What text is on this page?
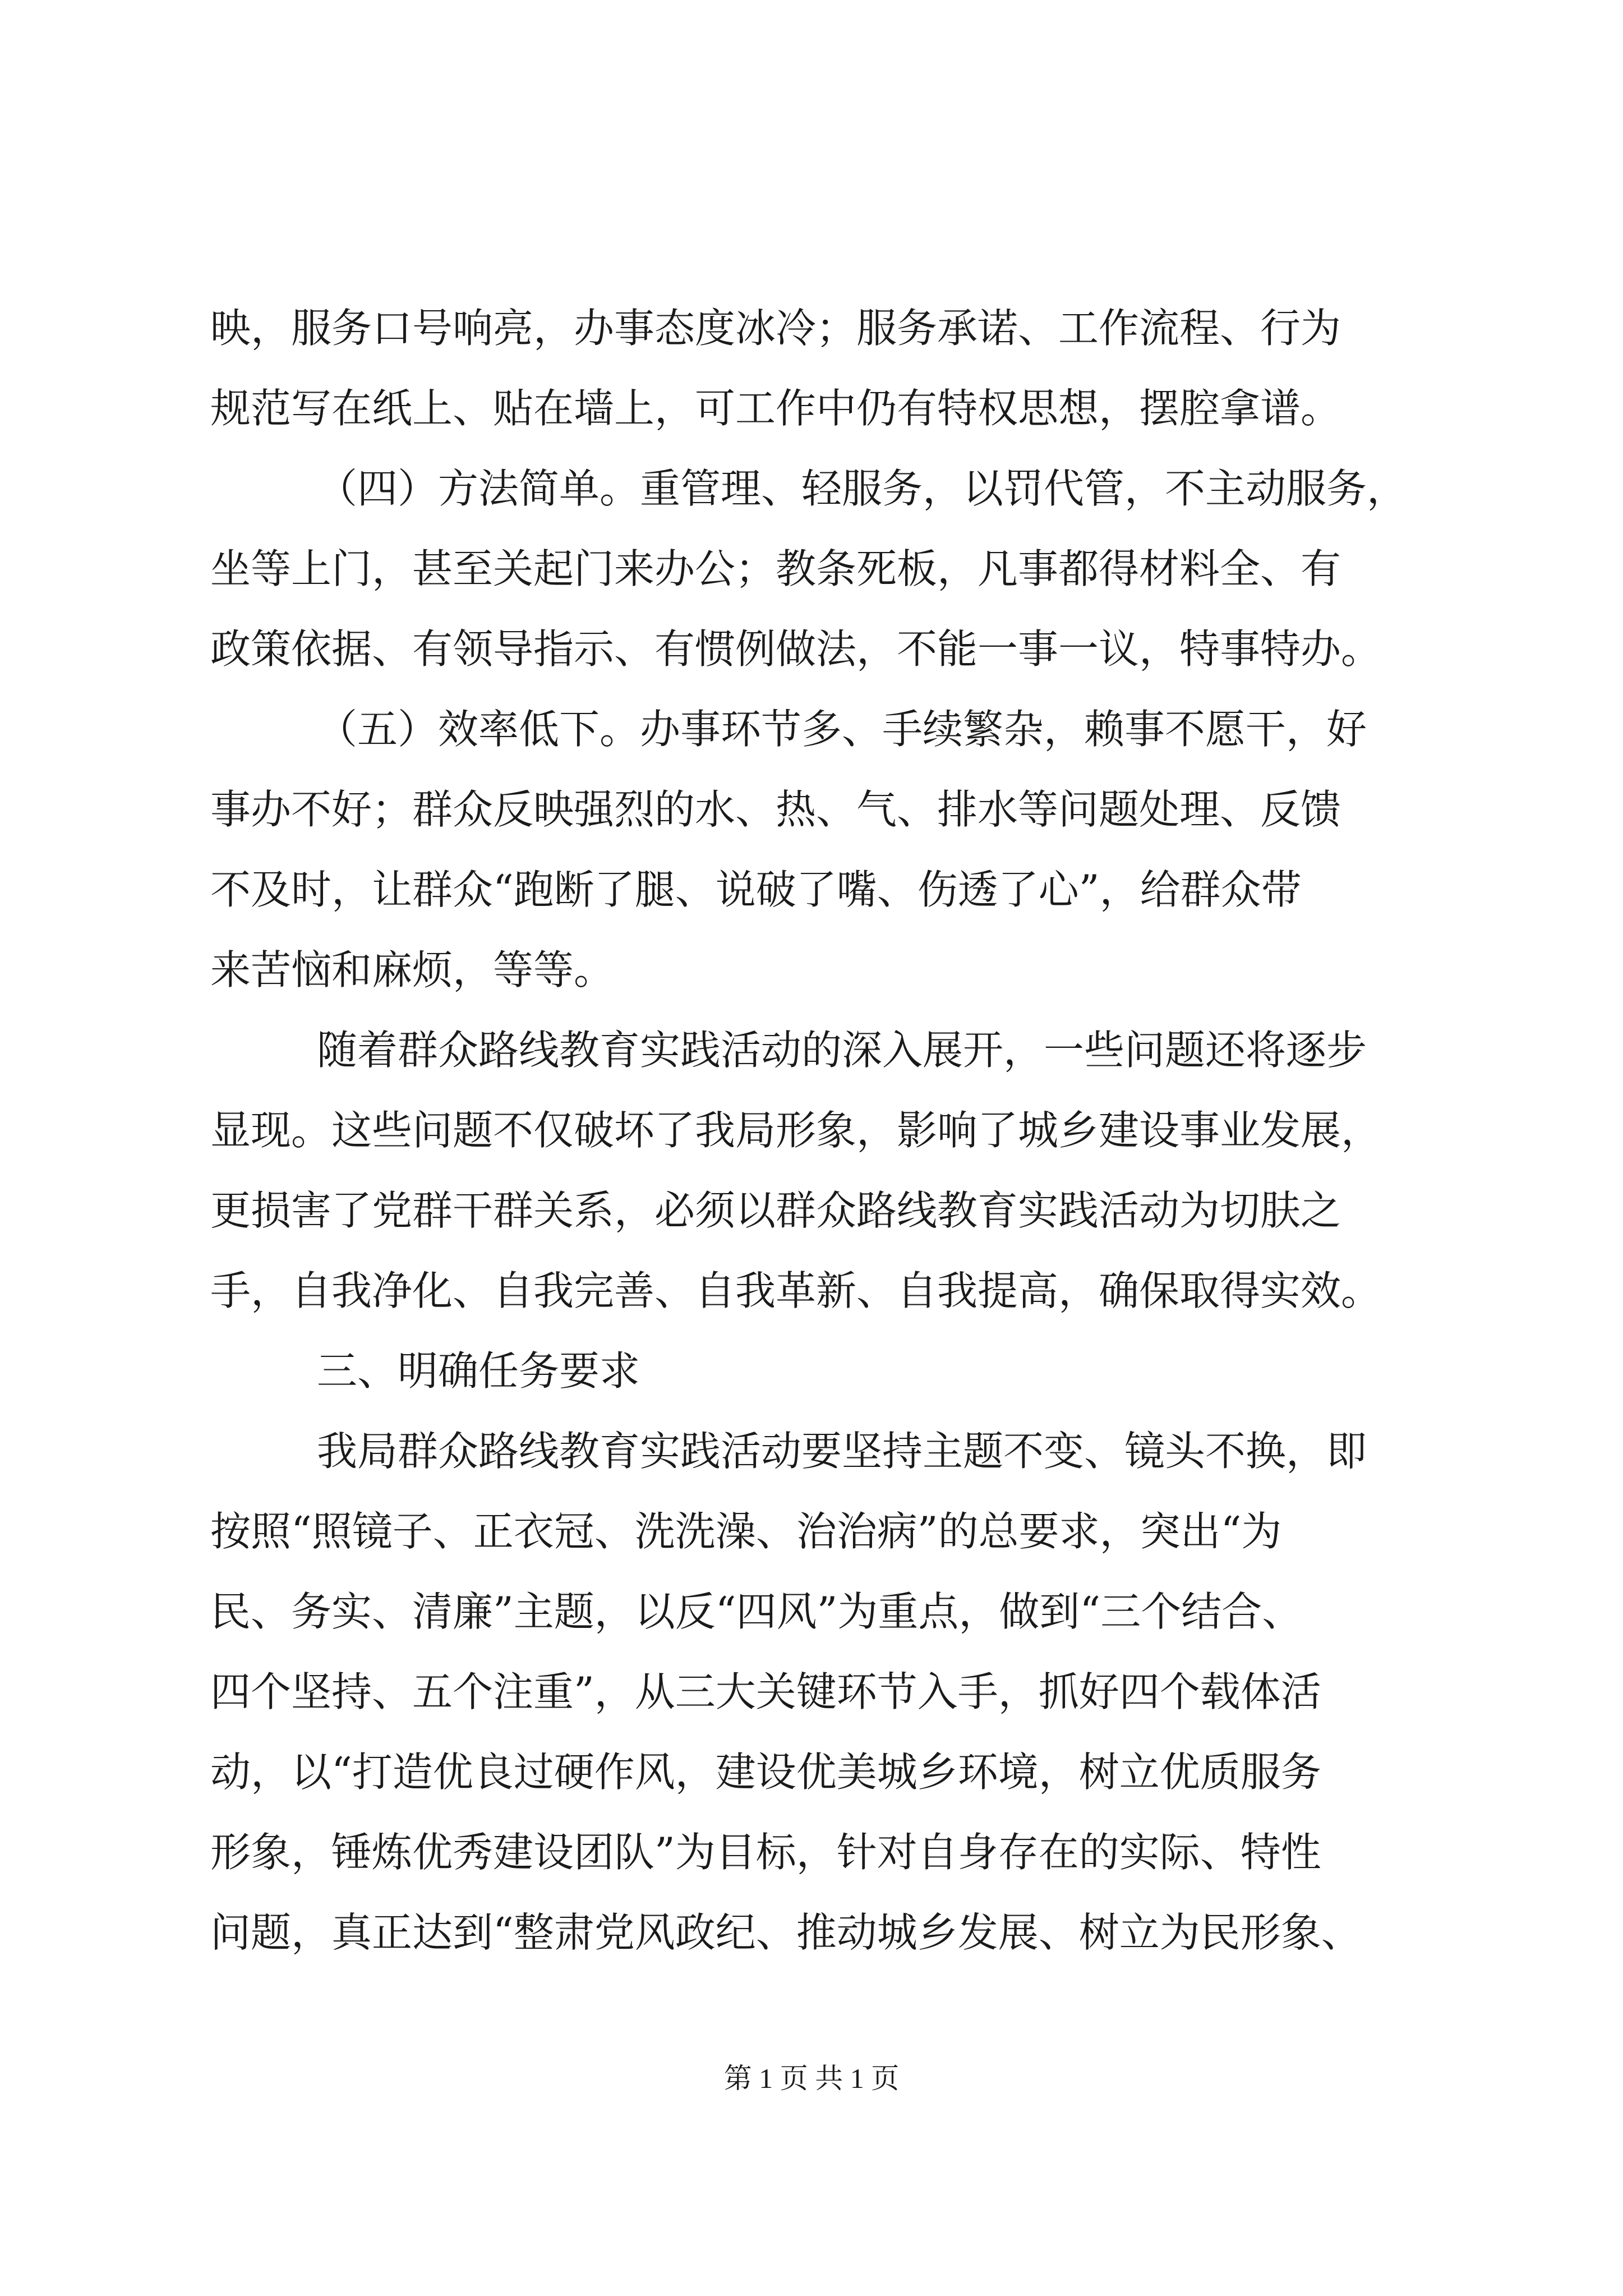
映，服务口号响亮，办事态度冰冷；服务承诺、工作流程、行为
规范写在纸上、贴在墙上，可工作中仍有特权思想，摆腔拿谱。
（四）方法简单。重管理、轻服务，以罚代管，不主动服务，
坐等上门，甚至关起门来办公；教条死板，凡事都得材料全、有
政策依据、有领导指示、有惯例做法，不能一事一议，特事特办。
（五）效率低下。办事环节多、手续繁杂，赖事不愿干，好
事办不好；群众反映强烈的水、热、气、排水等问题处理、反馈
不及时，让群众“跑断了腿、说破了嘴、伤透了心”，给群众带
来苦恼和麻烦，等等。
随着群众路线教育实践活动的深入展开，一些问题还将逐步
显现。这些问题不仅破坏了我局形象，影响了城乡建设事业发展，
更损害了党群干群关系，必须以群众路线教育实践活动为切肤之
手，自我净化、自我完善、自我革新、自我提高，确保取得实效。
三、明确任务要求
我局群众路线教育实践活动要坚持主题不变、镜头不换，即
按照“照镜子、正衣冠、洗洗澡、治治病”的总要求，突出“为
民、务实、清廉”主题，以反“四风”为重点，做到“三个结合、
四个坚持、五个注重”，从三大关键环节入手，抓好四个载体活
动，以“打造优良过硬作风，建设优美城乡环境，树立优质服务
形象，锤炼优秀建设团队”为目标，针对自身存在的实际、特性
问题，真正达到“整肃党风政纪、推动城乡发展、树立为民形象、
第 1 页 共 1 页
